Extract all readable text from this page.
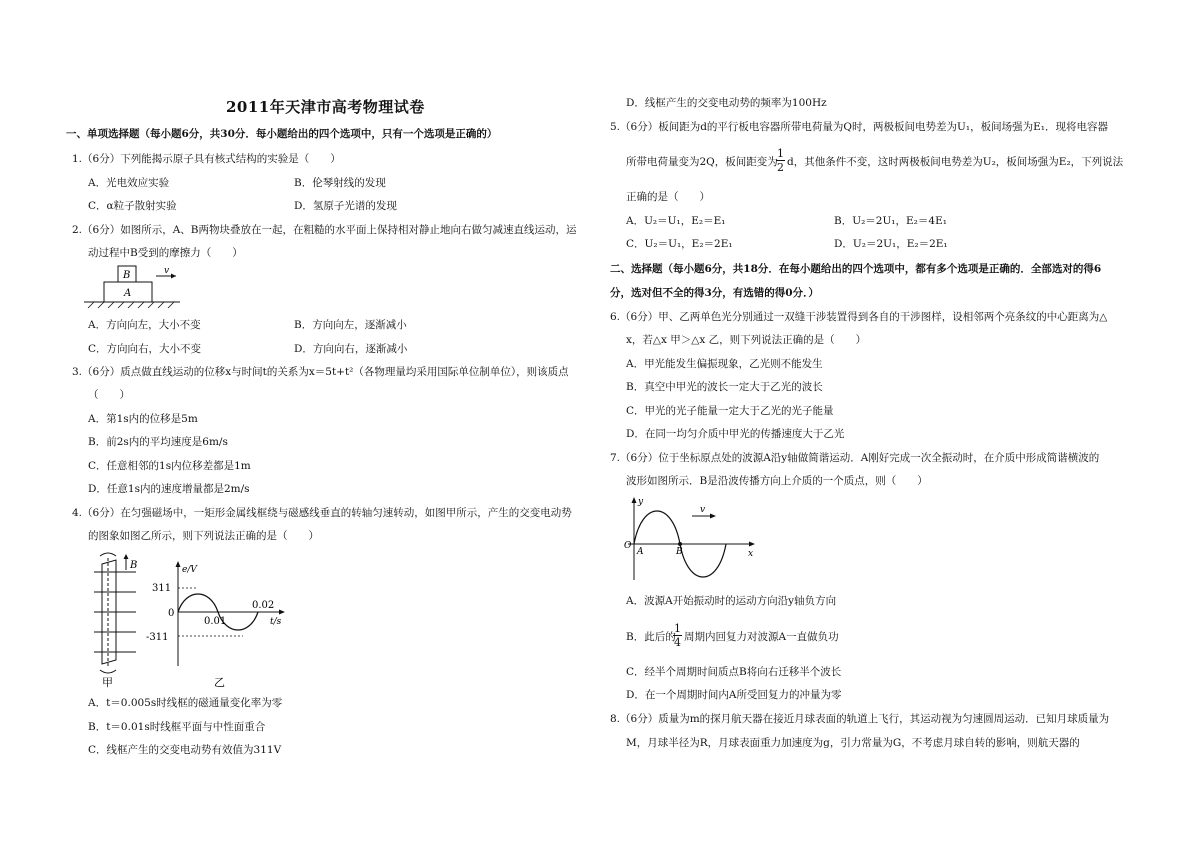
2011年天津市高考物理试卷
一、单项选择题（每小题6分，共30分．每小题给出的四个选项中，只有一个选项是正确的）
1.（6分）下列能揭示原子具有核式结构的实验是（　　）
A．光电效应实验	B．伦琴射线的发现
C．α粒子散射实验	D．氢原子光谱的发现
2.（6分）如图所示，A、B两物块叠放在一起，在粗糙的水平面上保持相对静止地向右做匀减速直线运动，运
动过程中B受到的摩擦力（　　）
B
A
v
A．方向向左，大小不变	B．方向向左，逐渐减小
C．方向向右，大小不变	D．方向向右，逐渐减小
3.（6分）质点做直线运动的位移x与时间t的关系为x＝5t+t²（各物理量均采用国际单位制单位），则该质点
（　　）
A．第1s内的位移是5m
B．前2s内的平均速度是6m/s
C．任意相邻的1s内位移差都是1m
D．任意1s内的速度增量都是2m/s
4.（6分）在匀强磁场中，一矩形金属线框绕与磁感线垂直的转轴匀速转动，如图甲所示，产生的交变电动势
的图象如图乙所示，则下列说法正确的是（　　）
B
甲
e/V
311
0
-311
0.01
0.02
t/s
乙
A．t＝0.005s时线框的磁通量变化率为零
B．t＝0.01s时线框平面与中性面重合
C．线框产生的交变电动势有效值为311V
D．线框产生的交变电动势的频率为100Hz
5.（6分）板间距为d的平行板电容器所带电荷量为Q时，两极板间电势差为U₁，板间场强为E₁．现将电容器
所带电荷量变为2Q，板间距变为
1
2 d，其他条件不变，这时两极板间电势差为U₂，板间场强为E₂，下列说法
正确的是（　　）
A．U₂＝U₁，E₂＝E₁	B．U₂＝2U₁，E₂＝4E₁
C．U₂＝U₁，E₂＝2E₁	D．U₂＝2U₁，E₂＝2E₁
二、选择题（每小题6分，共18分．在每小题给出的四个选项中，都有多个选项是正确的．全部选对的得6
分，选对但不全的得3分，有选错的得0分．）
6.（6分）甲、乙两单色光分别通过一双缝干涉装置得到各自的干涉图样，设相邻两个亮条纹的中心距离为△
x，若△x 甲＞△x 乙，则下列说法正确的是（　　）
A．甲光能发生偏振现象，乙光则不能发生
B．真空中甲光的波长一定大于乙光的波长
C．甲光的光子能量一定大于乙光的光子能量
D．在同一均匀介质中甲光的传播速度大于乙光
7.（6分）位于坐标原点处的波源A沿y轴做简谐运动．A刚好完成一次全振动时，在介质中形成简谐横波的
波形如图所示．B是沿波传播方向上介质的一个质点，则（　　）
v
y
x
O
A	B
A．波源A开始振动时的运动方向沿y轴负方向
B．此后的
1
4 周期内回复力对波源A一直做负功
C．经半个周期时间质点B将向右迁移半个波长
D．在一个周期时间内A所受回复力的冲量为零
8.（6分）质量为m的探月航天器在接近月球表面的轨道上飞行，其运动视为匀速圆周运动．已知月球质量为
M，月球半径为R，月球表面重力加速度为g，引力常量为G，不考虑月球自转的影响，则航天器的
